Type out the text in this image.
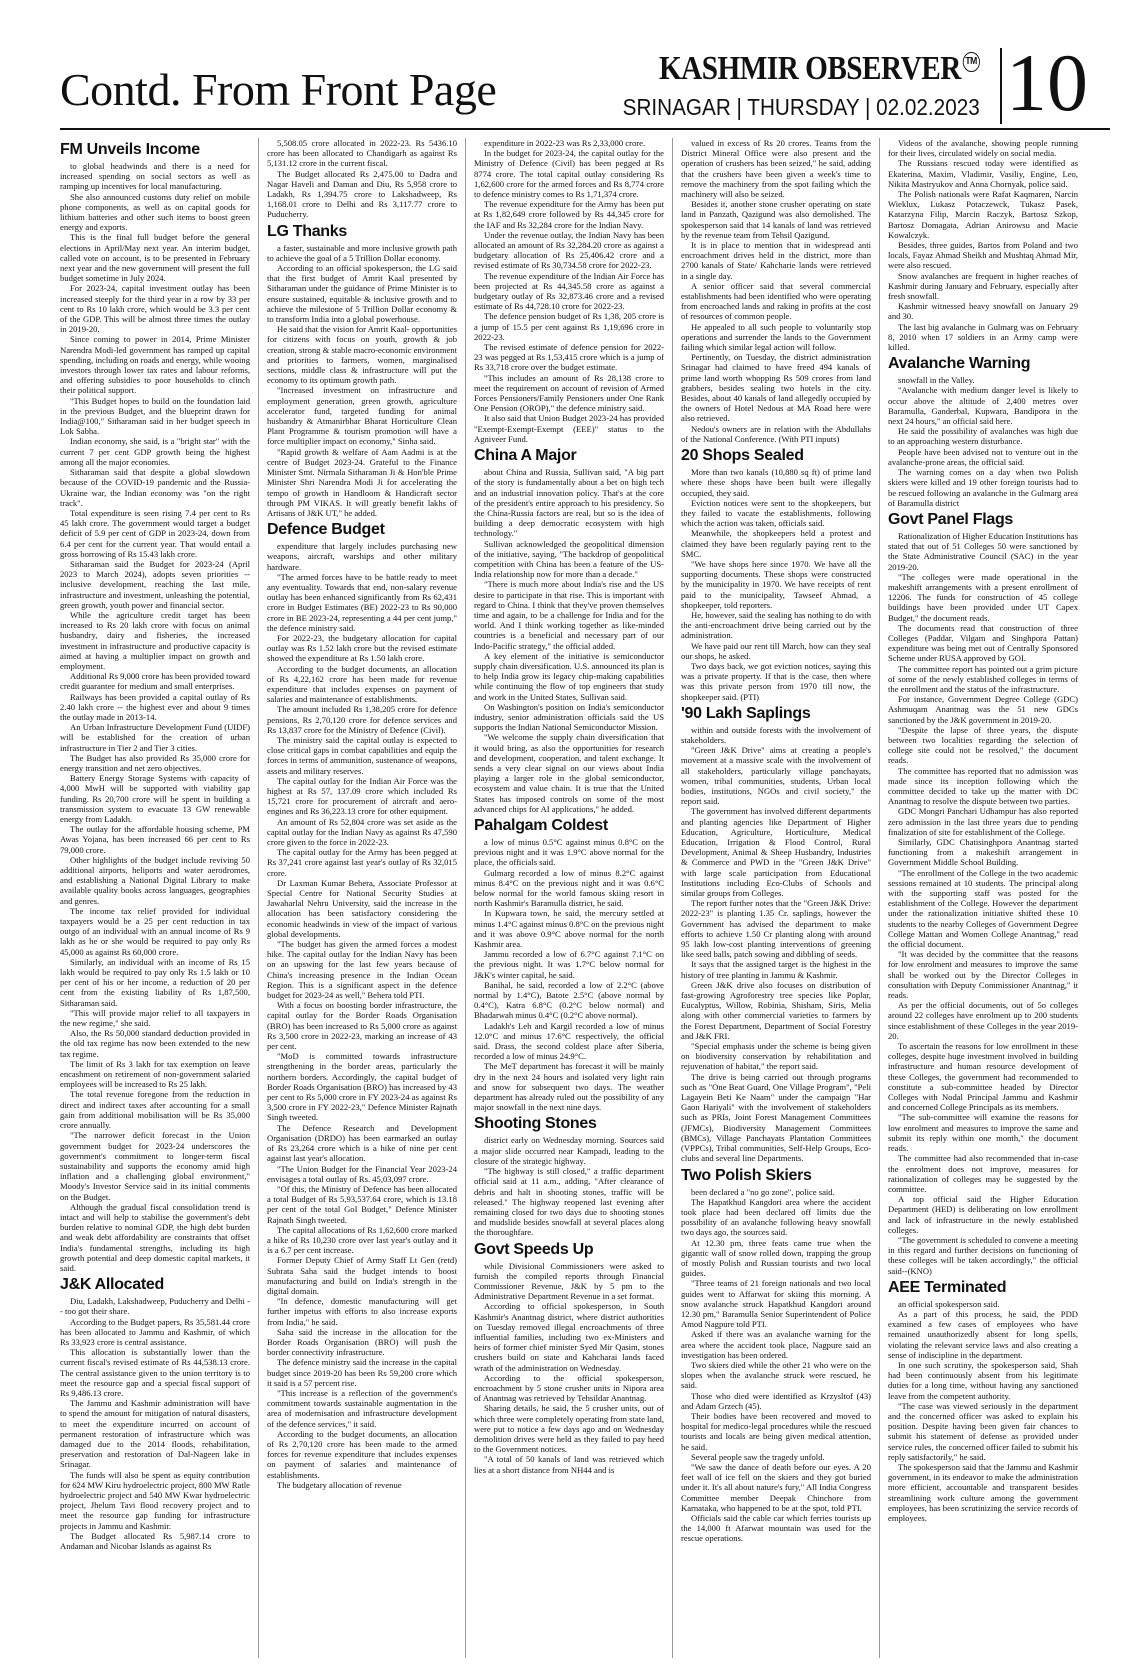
Contd. From Front Page	KASHMIR OBSERVER TM
SRINAGAR | THURSDAY | 02.02.2023 10
FM Unveils Income

to global headwinds and there is a need for increased spending on social sectors as well as ramping up incentives for local manufacturing.

She also announced customs duty relief on mobile phone components, as well as on capital goods for lithium batteries and other such items to boost green energy and exports.

This is the final full budget before the general elections in April/May next year. An interim budget, called vote on account, is to be presented in February next year and the new government will present the full budget sometime in July 2024.

For 2023-24, capital investment outlay has been increased steeply for the third year in a row by 33 per cent to Rs 10 lakh crore, which would be 3.3 per cent of the GDP. This will be almost three times the outlay in 2019-20.

Since coming to power in 2014, Prime Minister Narendra Modi-led government has ramped up capital spending, including on roads and energy, while wooing investors through lower tax rates and labour reforms, and offering subsidies to poor households to clinch their political support.

"This Budget hopes to build on the foundation laid in the previous Budget, and the blueprint drawn for India@100," Sitharaman said in her budget speech in Lok Sabha.

Indian economy, she said, is a "bright star" with the current 7 per cent GDP growth being the highest among all the major economies.

Sitharaman said that despite a global slowdown because of the COVID-19 pandemic and the Russia-Ukraine war, the Indian economy was "on the right track".

Total expenditure is seen rising 7.4 per cent to Rs 45 lakh crore. The government would target a budget deficit of 5.9 per cent of GDP in 2023-24, down from 6.4 per cent for the current year. That would entail a gross borrowing of Rs 15.43 lakh crore.

Sitharaman said the Budget for 2023-24 (April 2023 to March 2024), adopts seven priorities -- inclusive development, reaching the last mile, infrastructure and investment, unleashing the potential, green growth, youth power and financial sector.

While the agriculture credit target has been increased to Rs 20 lakh crore with focus on animal husbandry, dairy and fisheries, the increased investment in infrastructure and productive capacity is aimed at having a multiplier impact on growth and employment.

Additional Rs 9,000 crore has been provided toward credit guarantee for medium and small enterprises.

Railways has been provided a capital outlay of Rs 2.40 lakh crore -- the highest ever and about 9 times the outlay made in 2013-14.

An Urban Infrastructure Development Fund (UIDF) will be established for the creation of urban infrastructure in Tier 2 and Tier 3 cities.

The Budget has also provided Rs 35,000 crore for energy transition and net zero objectives.

Battery Energy Storage Systems with capacity of 4,000 MwH will be supported with viability gap funding. Rs 20,700 crore will be spent in building a transmission system to evacuate 13 GW renewable energy from Ladakh.

The outlay for the affordable housing scheme, PM Awas Yojana, has been increased 66 per cent to Rs 79,000 crore.

Other highlights of the budget include reviving 50 additional airports, heliports and water aerodromes, and establishing a National Digital Library to make available quality books across languages, geographies and genres.

The income tax relief provided for individual taxpayers would be a 25 per cent reduction in tax outgo of an individual with an annual income of Rs 9 lakh as he or she would be required to pay only Rs 45,000 as against Rs 60,000 crore.

Similarly, an individual with an income of Rs 15 lakh would be required to pay only Rs 1.5 lakh or 10 per cent of his or her income, a reduction of 20 per cent from the existing liability of Rs 1,87,500, Sitharaman said.

"This will provide major relief to all taxpayers in the new regime," she said.

Also, the Rs 50,000 standard deduction provided in the old tax regime has now been extended to the new tax regime.

The limit of Rs 3 lakh for tax exemption on leave encashment on retirement of non-government salaried employees will be increased to Rs 25 lakh.

The total revenue foregone from the reduction in direct and indirect taxes after accounting for a small gain from additional mobilisation will be Rs 35,000 crore annually.

"The narrower deficit forecast in the Union government budget for 2023-24 underscores the government's commitment to longer-term fiscal sustainability and supports the economy amid high inflation and a challenging global environment," Moody's Investor Service said in its initial comments on the Budget.

Although the gradual fiscal consolidation trend is intact and will help to stabilise the government's debt burden relative to nominal GDP, the high debt burden and weak debt affordability are constraints that offset India's fundamental strengths, including its high growth potential and deep domestic capital markets, it said.

J&K Allocated

Diu, Ladakh, Lakshadweep, Puducherry and Delhi -- too got their share.

According to the Budget papers, Rs 35,581.44 crore has been allocated to Jammu and Kashmir, of which Rs 33,923 crore is central assistance.

This allocation is substantially lower than the current fiscal's revised estimate of Rs 44,538.13 crore. The central assistance given to the union territory is to meet the resource gap and a special fiscal support of Rs 9,486.13 crore.

The Jammu and Kashmir administration will have to spend the amount for mitigation of natural disasters, to meet the expenditure incurred on account of permanent restoration of infrastructure which was damaged due to the 2014 floods, rehabilitation, preservation and restoration of Dal-Nageen lake in Srinagar.

The funds will also be spent as equity contribution for 624 MW Kiru hydroelectric project, 800 MW Ratle hydroelectric project and 540 MW Kwar hydroelectric project, Jhelum Tavi flood recovery project and to meet the resource gap funding for infrastructure projects in Jammu and Kashmir.

The Budget allocated Rs 5,987.14 crore to Andaman and Nicobar Islands as against Rs

5,508.05 crore allocated in 2022-23. Rs 5436.10 crore has been allocated to Chandigarh as against Rs 5,131.12 crore in the current fiscal.

The Budget allocated Rs 2,475.00 to Dadra and Nagar Haveli and Daman and Diu, Rs 5,958 crore to Ladakh, Rs 1,394.75 crore to Lakshadweep, Rs 1,168.01 crore to Delhi and Rs 3,117.77 crore to Puducherry.

LG Thanks

a faster, sustainable and more inclusive growth path to achieve the goal of a 5 Trillion Dollar economy.

According to an official spokesperson, the LG said that the first budget of Amrit Kaal presented by Sitharaman under the guidance of Prime Minister is to ensure sustained, equitable & inclusive growth and to achieve the milestone of 5 Trillion Dollar economy & to transform India into a global powerhouse.

He said that the vision for Amrit Kaal- opportunities for citizens with focus on youth, growth & job creation, strong & stable macro-economic environment and priorities to farmers, women, marginalised sections, middle class & infrastructure will put the economy to its optimum growth path.

"Increased investment on infrastructure and employment generation, green growth, agriculture accelerator fund, targeted funding for animal husbandry & Atmanirbhar Bharat Horticulture Clean Plant Programme & tourism promotion will have a force multiplier impact on economy," Sinha said.

"Rapid growth & welfare of Aam Aadmi is at the centre of Budget 2023-24. Grateful to the Finance Minister Smt. Nirmala Sitharaman Ji & Hon'ble Prime Minister Shri Narendra Modi Ji for accelerating the tempo of growth in Handloom & Handicraft sector through PM VIKAS. It will greatly benefit lakhs of Artisans of J&K UT," he added.

Defence Budget

expenditure that largely includes purchasing new weapons, aircraft, warships and other military hardware.

"The armed forces have to be battle ready to meet any eventuality. Towards that end, non-salary revenue outlay has been enhanced significantly from Rs 62,431 crore in Budget Estimates (BE) 2022-23 to Rs 90,000 crore in BE 2023-24, representing a 44 per cent jump," the defence ministry said.

For 2022-23, the budgetary allocation for capital outlay was Rs 1.52 lakh crore but the revised estimate showed the expenditure at Rs 1.50 lakh crore.

According to the budget documents, an allocation of Rs 4,22,162 crore has been made for revenue expenditure that includes expenses on payment of salaries and maintenance of establishments.

The amount included Rs 1,38,205 crore for defence pensions, Rs 2,70,120 crore for defence services and Rs 13,837 crore for the Ministry of Defence (Civil).

The ministry said the capital outlay is expected to close critical gaps in combat capabilities and equip the forces in terms of ammunition, sustenance of weapons, assets and military reserves.

The capital outlay for the Indian Air Force was the highest at Rs 57, 137.09 crore which included Rs 15,721 crore for procurement of aircraft and aero-engines and Rs 36,223.13 crore for other equipment.

An amount of Rs 52,804 crore was set aside as the capital outlay for the Indian Navy as against Rs 47,590 crore given to the force in 2022-23.

The capital outlay for the Army has been pegged at Rs 37,241 crore against last year's outlay of Rs 32,015 crore.

Dr Laxman Kumar Behera, Associate Professor at Special Centre for National Security Studies at Jawaharlal Nehru University, said the increase in the allocation has been satisfactory considering the economic headwinds in view of the impact of various global developments.

"The budget has given the armed forces a modest hike. The capital outlay for the Indian Navy has been on an upswing for the last few years because of China's increasing presence in the Indian Ocean Region. This is a significant aspect in the defence budget for 2023-24 as well," Behera told PTI.

With a focus on boosting border infrastructure, the capital outlay for the Border Roads Organisation (BRO) has been increased to Rs 5,000 crore as against Rs 3,500 crore in 2022-23, marking an increase of 43 per cent.

"MoD is committed towards infrastructure strengthening in the border areas, particularly the northern borders. Accordingly, the capital budget of Border Roads Organisation (BRO) has increased by 43 per cent to Rs 5,000 crore in FY 2023-24 as against Rs 3,500 crore in FY 2022-23," Defence Minister Rajnath Singh tweeted.

The Defence Research and Development Organisation (DRDO) has been earmarked an outlay of Rs 23,264 crore which is a hike of nine per cent against last year's allocation.

"The Union Budget for the Financial Year 2023-24 envisages a total outlay of Rs. 45,03,097 crore.

"Of this, the Ministry of Defence has been allocated a total Budget of Rs 5,93,537.64 crore, which is 13.18 per cent of the total GoI Budget," Defence Minister Rajnath Singh tweeted.

The capital allocations of Rs 1,62,600 crore marked a hike of Rs 10,230 crore over last year's outlay and it is a 6.7 per cent increase.

Former Deputy Chief of Army Staff Lt Gen (retd) Subrata Saha said the budget intends to boost manufacturing and build on India's strength in the digital domain.

"In defence, domestic manufacturing will get further impetus with efforts to also increase exports from India," he said.

Saha said the increase in the allocation for the Border Roads Organisation (BRO) will push the border connectivity infrastructure.

The defence ministry said the increase in the capital budget since 2019-20 has been Rs 59,200 crore which it said is a 57 percent rise.

"This increase is a reflection of the government's commitment towards sustainable augmentation in the area of modernisation and infrastructure development of the defence services," it said.

According to the budget documents, an allocation of Rs 2,70,120 crore has been made to the armed forces for revenue expenditure that includes expenses on payment of salaries and maintenance of establishments.

The budgetary allocation of revenue

expenditure in 2022-23 was Rs 2,33,000 crore.

In the budget for 2023-24, the capital outlay for the Ministry of Defence (Civil) has been pegged at Rs 8774 crore. The total capital outlay considering Rs 1,62,600 crore for the armed forces and Rs 8,774 crore to defence ministry comes to Rs 1,71,374 crore.

The revenue expenditure for the Army has been put at Rs 1,82,649 crore followed by Rs 44,345 crore for the IAF and Rs 32,284 crore for the Indian Navy.

Under the revenue outlay, the Indian Navy has been allocated an amount of Rs 32,284.20 crore as against a budgetary allocation of Rs 25,406.42 crore and a revised estimate of Rs 30,734.58 crore for 2022-23.

The revenue expenditure of the Indian Air Force has been projected at Rs 44,345.58 crore as against a budgetary outlay of Rs 32,873.46 crore and a revised estimate of Rs 44,728.10 crore for 2022-23.

The defence pension budget of Rs 1,38, 205 crore is a jump of 15.5 per cent against Rs 1,19,696 crore in 2022-23.

The revised estimate of defence pension for 2022-23 was pegged at Rs 1,53,415 crore which is a jump of Rs 33,718 crore over the budget estimate.

"This includes an amount of Rs 28,138 crore to meet the requirement on account of revision of Armed Forces Pensioners/Family Pensioners under One Rank One Pension (OROP)," the defence ministry said.

It also said that Union Budget 2023-24 has provided "Exempt-Exempt-Exempt (EEE)" status to the Agniveer Fund.

China A Major

about China and Russia, Sullivan said, "A big part of the story is fundamentally about a bet on high tech and an industrial innovation policy. That's at the core of the president's entire approach to his presidency. So the China-Russia factors are real, but so is the idea of building a deep democratic ecosystem with high technology."

Sullivan acknowledged the geopolitical dimension of the initiative, saying, "The backdrop of geopolitical competition with China has been a feature of the US-India relationship now for more than a decade."

"There is much more about India's rise and the US desire to participate in that rise. This is important with regard to China. I think that they've proven themselves time and again, to be a challenge for India and for the world. And I think working together as like-minded countries is a beneficial and necessary part of our Indo-Pacific strategy," the official added.

A key element of the initiative is semiconductor supply chain diversification. U.S. announced its plan is to help India grow its legacy chip-making capabilities while continuing the flow of top engineers that study and work in the United States, Sullivan said.

On Washington's position on India's semiconductor industry, senior administration officials said the US supports the Indian National Semiconductor Mission.

"We welcome the supply chain diversification that it would bring, as also the opportunities for research and development, cooperation, and talent exchange. It sends a very clear signal on our views about India playing a larger role in the global semiconductor, ecosystem and value chain. It is true that the United States has imposed controls on some of the most advanced chips for AI applications," he added.

Pahalgam Coldest

a low of minus 0.5°C against minus 0.8°C on the previous night and it was 1.9°C above normal for the place, the officials said.

Gulmarg recorded a low of minus 8.2°C against minus 8.4°C on the previous night and it was 0.6°C below normal for the world famous skiing resort in north Kashmir's Baramulla district, he said.

In Kupwara town, he said, the mercury settled at minus 1.4°C against minus 0.8°C on the previous night and it was above 0.9°C above normal for the north Kashmir area.

Jammu recorded a low of 6.7°C against 7.1°C on the previous night. It was 1.7°C below normal for J&K's winter capital, he said.

Banihal, he said, recorded a low of 2.2°C (above normal by 1.4°C), Batote 2.5°C (above normal by 0.4°C), Katra 6.8°C (0.2°C below normal) and Bhadarwah minus 0.4°C (0.2°C above normal).

Ladakh's Leh and Kargil recorded a low of minus 12.0°C and minus 17.6°C respectively, the official said. Drass, the second coldest place after Siberia, recorded a low of minus 24.9°C.

The MeT department has forecast it will be mainly dry in the next 24 hours and isolated very light rain and snow for subsequent two days. The weather department has already ruled out the possibility of any major snowfall in the next nine days.

Shooting Stones

district early on Wednesday morning. Sources said a major slide occurred near Kampadi, leading to the closure of the strategic highway.

"The highway is still closed," a traffic department official said at 11 a.m., adding, "After clearance of debris and halt in shooting stones, traffic will be released." The highway reopened last evening after remaining closed for two days due to shooting stones and mudslide besides snowfall at several places along the thoroughfare.

Govt Speeds Up

while Divisional Commissioners were asked to furnish the compiled reports through Financial Commissioner Revenue, J&K by 5 pm to the Administrative Department Revenue in a set format.

According to official spokesperson, in South Kashmir's Anantnag district, where district authorities on Tuesday removed illegal encroachments of three influential families, including two ex-Ministers and heirs of former chief minister Syed Mir Qasim, stones crushers build on state and Kahcharai lands faced wrath of the administration on Wednesday.

According to the official spokesperson, encroachment by 5 stone crusher units in Nipora area of Anantnag was retrieved by Tehsildar Anantnag.

Sharing details, he said, the 5 crusher units, out of which three were completely operating from state land, were put to notice a few days ago and on Wednesday demolition drives were held as they failed to pay heed to the Government notices.

"A total of 50 kanals of land was retrieved which lies at a short distance from NH44 and is

valued in excess of Rs 20 crores. Teams from the District Mineral Office were also present and the operation of crushers has been seized," he said, adding that the crushers have been given a week's time to remove the machinery from the spot failing which the machinery will also be seized.

Besides it, another stone crusher operating on state land in Panzath, Qazigund was also demolished. The spokesperson said that 14 kanals of land was retrieved by the revenue team from Tehsil Qazigund.

It is in place to mention that in widespread anti encroachment drives held in the district, more than 2700 kanals of State/ Kahcharie lands were retrieved in a single day.

A senior officer said that several commercial establishments had been identified who were operating from encroached lands and raking in profits at the cost of resources of common people.

He appealed to all such people to voluntarily stop operations and surrender the lands to the Government failing which similar legal action will follow.

Pertinently, on Tuesday, the district administration Srinagar had claimed to have freed 494 kanals of prime land worth whopping Rs 509 crores from land grabbers, besides sealing two hotels in the city. Besides, about 40 kanals of land allegedly occupied by the owners of Hotel Nedous at MA Road here were also retrieved.

Nedou's owners are in relation with the Abdullahs of the National Conference. (With PTI inputs)

20 Shops Sealed

More than two kanals (10,880 sq ft) of prime land where these shops have been built were illegally occupied, they said.

Eviction notices were sent to the shopkeepers, but they failed to vacate the establishments, following which the action was taken, officials said.

Meanwhile, the shopkeepers held a protest and claimed they have been regularly paying rent to the SMC.

"We have shops here since 1970. We have all the supporting documents. These shops were constructed by the municipality in 1970. We have receipts of rent paid to the municipality, Tawseef Ahmad, a shopkeeper, told reporters.

He, however, said the sealing has nothing to do with the anti-encroachment drive being carried out by the administration.

We have paid our rent till March, how can they seal our shops, he asked.

Two days back, we got eviction notices, saying this was a private property. If that is the case, then where was this private person from 1970 till now, the shopkeeper said. (PTI)

'90 Lakh Saplings

within and outside forests with the involvement of stakeholders.

"Green J&K Drive" aims at creating a people's movement at a massive scale with the involvement of all stakeholders, particularly village panchayats, women, tribal communities, students, Urban local bodies, institutions, NGOs and civil society," the report said.

The government has involved different departments and planting agencies like Department of Higher Education, Agriculture, Horticulture, Medical Education, Irrigation & Flood Control, Rural Development, Animal & Sheep Husbandry, Industries & Commerce and PWD in the "Green J&K Drive" with large scale participation from Educational Institutions including Eco-Clubs of Schools and similar groups from Colleges.

The report further notes that the "Green J&K Drive: 2022-23" is planting 1.35 Cr. saplings, however the Government has advised the department to make efforts to achieve 1.50 Cr planting along with around 95 lakh low-cost planting interventions of greening like seed balls, patch sowing and dibbling of seeds.

It says that the assigned target is the highest in the history of tree planting in Jammu & Kashmir.

Green J&K drive also focuses on distribution of fast-growing Agroforestry tree species like Poplar, Eucalyptus, Willow, Robinia, Shisham, Siris, Melia along with other commercial varieties to farmers by the Forest Department, Department of Social Forestry and J&K FRI.

"Special emphasis under the scheme is being given on biodiversity conservation by rehabilitation and rejuvenation of habitat," the report said.

The drive is being carried out through programs such as "One Beat Guard, One Village Program", "Peli Lagayein Beti Ke Naam" under the campaign "Har Gaon Hariyali" with the involvement of stakeholders such as PRIs, Joint Forest Management Committees (JFMCs), Biodiversity Management Committees (BMCs), Village Panchayats Plantation Committees (VPPCs), Tribal communities, Self-Help Groups, Eco-clubs and several line Departments.

Two Polish Skiers

been declared a "no go zone", police said.

The Hapatkhud Kangdori area where the accident took place had been declared off limits due the possibility of an avalanche following heavy snowfall two days ago, the sources said.

At 12.30 pm, three feats came true when the gigantic wall of snow rolled down, trapping the group of mostly Polish and Russian tourists and two local guides.

"Three teams of 21 foreign nationals and two local guides went to Affarwat for skiing this morning. A snow avalanche struck Hapatkhud Kangdori around 12.30 pm," Baramulla Senior Superintendent of Police Amod Nagpure told PTI.

Asked if there was an avalanche warning for the area where the accident took place, Nagpure said an investigation has been ordered.

Two skiers died while the other 21 who were on the slopes when the avalanche struck were rescued, he said.

Those who died were identified as Krzysltof (43) and Adam Grzech (45).

Their bodies have been recovered and moved to hospital for medico-legal procedures while the rescued tourists and locals are being given medical attention, he said.

Several people saw the tragedy unfold.

"We saw the dance of death before our eyes. A 20 feet wall of ice fell on the skiers and they got buried under it. It's all about nature's fury," All India Congress Committee member Deepak Chinchore from Karnataka, who happened to be at the spot, told PTI.

Officials said the cable car which ferries tourists up the 14,000 ft Afarwat mountain was used for the rescue operations.

Videos of the avalanche, showing people running for their lives, circulated widely on social media.

The Russians rescued today were identified as Ekaterina, Maxim, Vladimir, Vasiliy, Engine, Leo, Nikita Mastryukov and Anna Chornyak, police said.

The Polish nationals were Rafat Kaqmaren, Narcin Wieklux, Lukasz Potaczewck, Tukasz Pasek, Katarzyna Filip, Marcin Raczyk, Bartosz Szkop, Bartosz Domagata, Adrian Anirowsu and Macie Kowalczyk.

Besides, three guides, Bartos from Poland and two locals, Fayaz Ahmad Sheikh and Mushtaq Ahmad Mir, were also rescued.

Snow avalanches are frequent in higher reaches of Kashmir during January and February, especially after fresh snowfall.

Kashmir witnessed heavy snowfall on January 29 and 30.

The last big avalanche in Gulmarg was on February 8, 2010 when 17 soldiers in an Army camp were killed.

Avalanche Warning

snowfall in the Valley.

"Avalanche with medium danger level is likely to occur above the altitude of 2,400 metres over Baramulla, Ganderbal, Kupwara, Bandipora in the next 24 hours," an official said here.

He said the possibility of avalanches was high due to an approaching western disturbance.

People have been advised not to venture out in the avalanche-prone areas, the official said.

The warning comes on a day when two Polish skiers were killed and 19 other foreign tourists had to be rescued following an avalanche in the Gulmarg area of Baramulla district

Govt Panel Flags

Rationalization of Higher Education Institutions has stated that out of 51 Colleges 50 were sanctioned by the State Administrative Council (SAC) in the year 2019-20.

"The colleges were made operational in the makeshift arrangements with a present enrollment of 12206. The funds for construction of 45 college buildings have been provided under UT Capex Budget," the document reads.

The documents read that construction of three Colleges (Paddar, Vilgam and Singhpora Pattan) expenditure was being met out of Centrally Sponsored Scheme under RUSA approved by GOI.

The committee report has pointed out a grim picture of some of the newly established colleges in terms of the enrollment and the status of the infrastructure.

For instance, Government Degree College (GDC) Ashmuqam Anantnag was the 51 new GDCs sanctioned by the J&K government in 2019-20.

"Despite the lapse of three years, the dispute between two localities regarding the selection of college site could not be resolved," the document reads.

The committee has reported that no admission was made since its inception following which the committee decided to take up the matter with DC Anantnag to resolve the dispute between two parties.

GDC Mongri Panchari Udhampur has also reported zero admission in the last three years due to pending finalization of site for establishment of the College.

Similarly, GDC Chatisinghpora Anantnag started functioning from a makeshift arrangement in Government Middle School Building.

"The enrollment of the College in the two academic sessions remained at 10 students. The principal along with the supporting staff was posted for the establishment of the College. However the department under the rationalization initiative shifted these 10 students to the nearby Colleges of Government Degree College Mattan and Women College Anantnag," read the official document.

"It was decided by the committee that the reasons for low enrolment and measures to improve the same shall be worked out by the Director Colleges in consultation with Deputy Commissioner Anantnag," it reads.

As per the official documents, out of 5o colleges around 22 colleges have enrolment up to 200 students since establishment of these Colleges in the year 2019-20.

To ascertain the reasons for low enrollment in these colleges, despite huge investment involved in building infrastructure and human resource development of these Colleges, the government had recommended to constitute a sub-committee headed by Director Colleges with Nodal Principal Jammu and Kashmir and concerned College Principals as its members.

"The sub-committee will examine the reasons for low enrolment and measures to improve the same and submit its reply within one month," the document reads.

The committee had also recommended that in-case the enrolment does not improve, measures for rationalization of colleges may be suggested by the committee.

A top official said the Higher Education Department (HED) is deliberating on low enrollment and lack of infrastructure in the newly established colleges.

"The government is scheduled to convene a meeting in this regard and further decisions on functioning of these colleges will be taken accordingly," the official said--(KNO)

AEE Terminated

an official spokesperson said.

As a part of this process, he said, the PDD examined a few cases of employees who have remained unauthorizedly absent for long spells, violating the relevant service laws and also creating a sense of indiscipline in the department.

In one such scrutiny, the spokesperson said, Shah had been continuously absent from his legitimate duties for a long time, without having any sanctioned leave from the competent authority.

"The case was viewed seriously in the department and the concerned officer was asked to explain his position. Despite having been given fair chances to submit his statement of defense as provided under service rules, the concerned officer failed to submit his reply satisfactorily," he said.

The spokesperson said that the Jammu and Kashmir government, in its endeavor to make the administration more efficient, accountable and transparent besides streamlining work culture among the government employees, has been scrutinizing the service records of employees.
